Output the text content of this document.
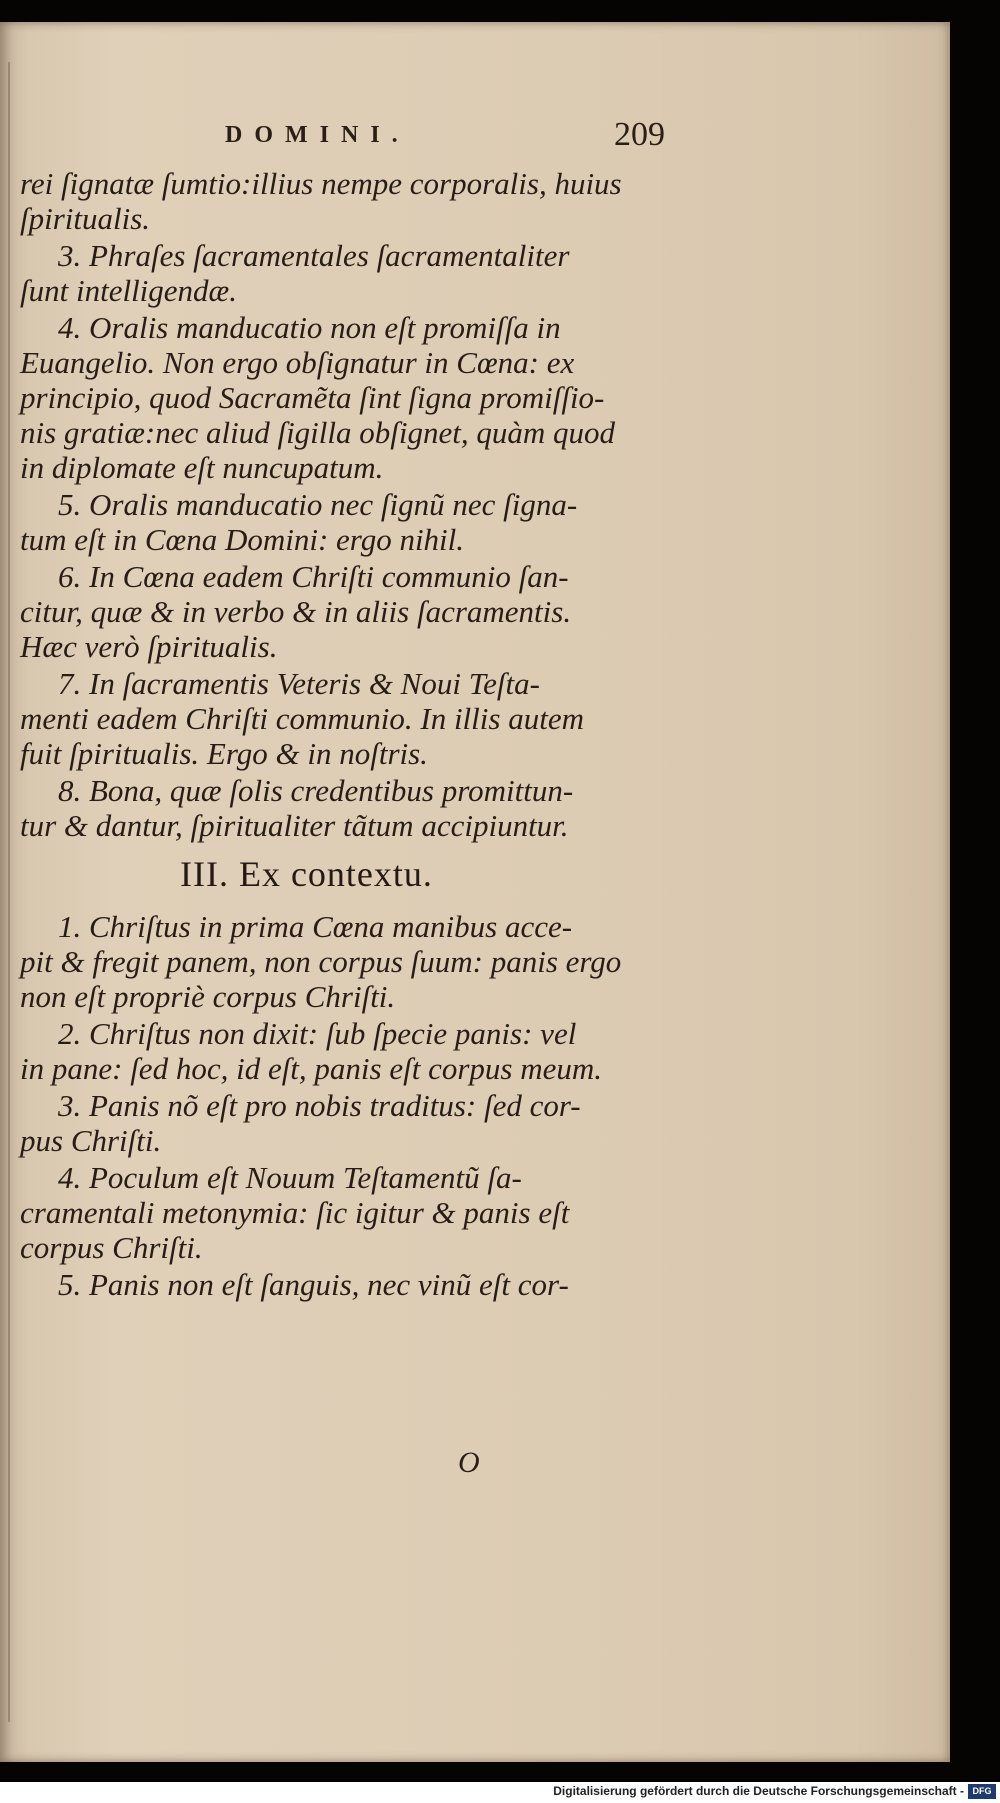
DOMINI.	209
rei ſignatæ ſumtio:illius nempe corporalis, huius
ſpiritualis.
3. Phraſes ſacramentales ſacramentaliter
ſunt intelligendæ.
4. Oralis manducatio non eſt promiſſa in
Euangelio. Non ergo obſignatur in Cœna: ex
principio, quod Sacramẽta ſint ſigna promiſſio-
nis gratiæ:nec aliud ſigilla obſignet, quàm quod
in diplomate eſt nuncupatum.
5. Oralis manducatio nec ſignũ nec ſigna-
tum eſt in Cœna Domini: ergo nihil.
6. In Cœna eadem Chriſti communio ſan-
citur, quæ & in verbo & in aliis ſacramentis.
Hæc verò ſpiritualis.
7. In ſacramentis Veteris & Noui Teſta-
menti eadem Chriſti communio. In illis autem
fuit ſpiritualis. Ergo & in noſtris.
8. Bona, quæ ſolis credentibus promittun-
tur & dantur, ſpiritualiter tãtum accipiuntur.
III. Ex contextu.
1. Chriſtus in prima Cœna manibus acce-
pit & fregit panem, non corpus ſuum: panis ergo
non eſt propriè corpus Chriſti.
2. Chriſtus non dixit: ſub ſpecie panis: vel
in pane: ſed hoc, id eſt, panis eſt corpus meum.
3. Panis nõ eſt pro nobis traditus: ſed cor-
pus Chriſti.
4. Poculum eſt Nouum Teſtamentũ ſa-
cramentali metonymia: ſic igitur & panis eſt
corpus Chriſti.
5. Panis non eſt ſanguis, nec vinũ eſt cor-
O
Digitalisierung gefördert durch die Deutsche Forschungsgemeinschaft - DFG
